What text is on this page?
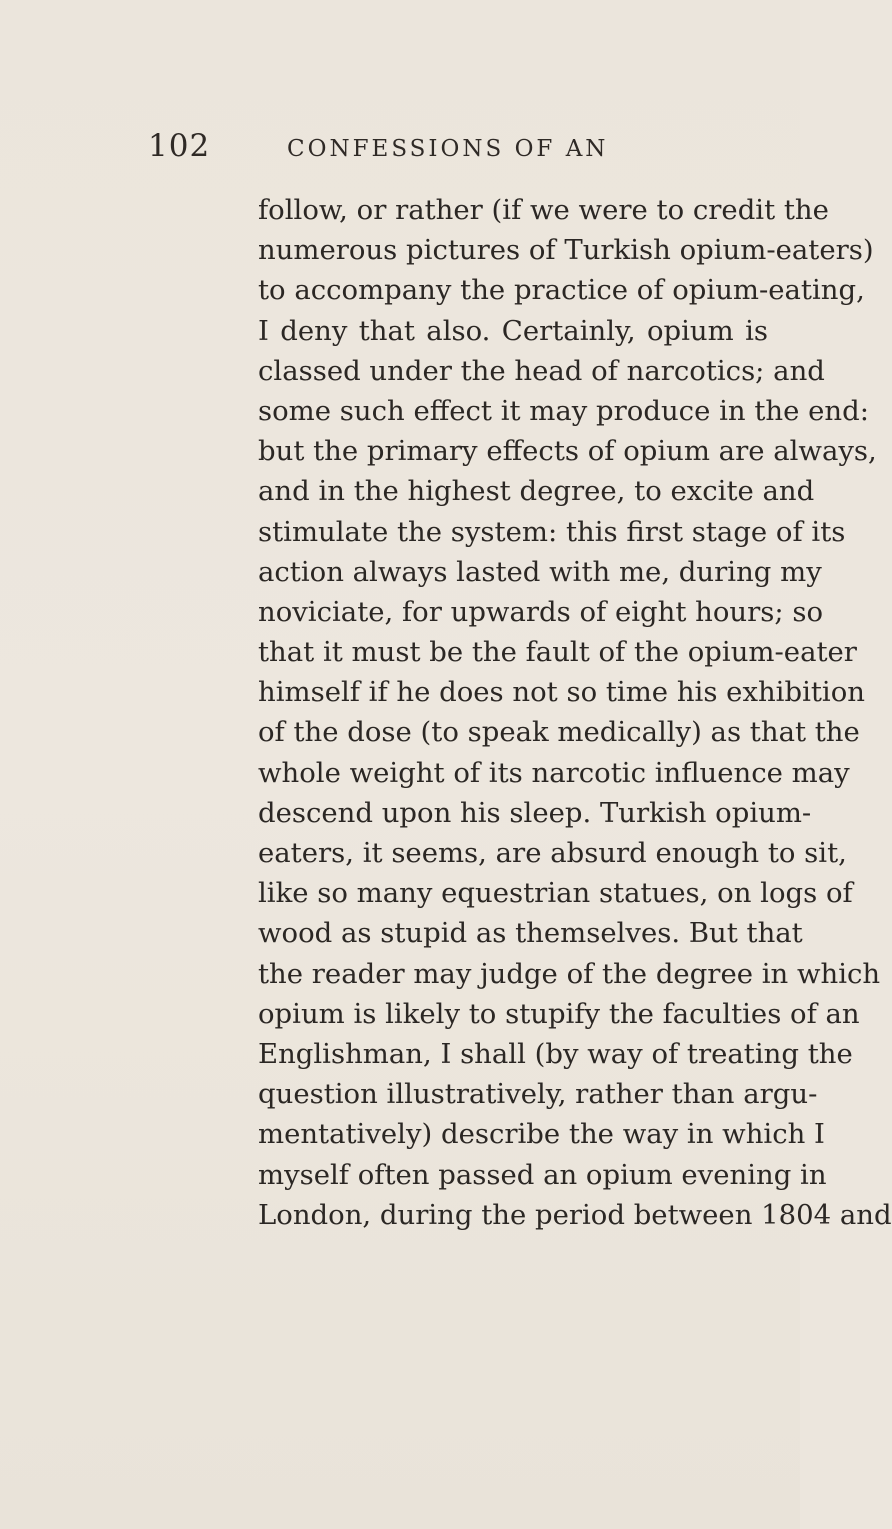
102	CONFESSIONS OF AN
follow, or rather (if we were to credit the
numerous pictures of Turkish opium-eaters)
to accompany the practice of opium-eating,
I deny that also. Certainly, opium is
classed under the head of narcotics; and
some such effect it may produce in the end:
but the primary effects of opium are always,
and in the highest degree, to excite and
stimulate the system: this first stage of its
action always lasted with me, during my
noviciate, for upwards of eight hours; so
that it must be the fault of the opium-eater
himself if he does not so time his exhibition
of the dose (to speak medically) as that the
whole weight of its narcotic influence may
descend upon his sleep. Turkish opium-
eaters, it seems, are absurd enough to sit,
like so many equestrian statues, on logs of
wood as stupid as themselves. But that
the reader may judge of the degree in which
opium is likely to stupify the faculties of an
Englishman, I shall (by way of treating the
question illustratively, rather than argu-
mentatively) describe the way in which I
myself often passed an opium evening in
London, during the period between 1804 and
